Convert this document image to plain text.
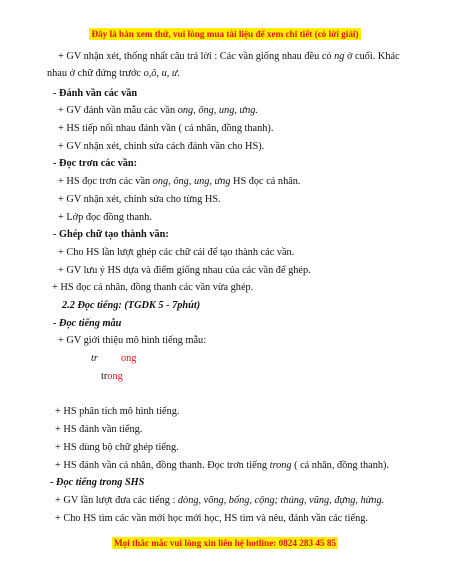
Đây là bản xem thử, vui lòng mua tài liệu để xem chi tiết (có lời giải)
+ GV nhận xét, thống nhất câu trả lời : Các vần giống nhau đều có ng ở cuối. Khác
nhau ở chữ đứng trước o,ô, u, ư.
- Đánh vần các vần
+ GV đánh vần mẫu các vần ong, ông, ung, ưng.
+ HS tiếp nối nhau đánh vần ( cá nhân, đồng thanh).
+ GV nhận xét, chỉnh sửa cách đánh vần cho HS).
- Đọc trơn các vần:
+ HS đọc trơn các vần ong, ông, ung, ưng HS đọc cá nhân.
+ GV nhận xét, chỉnh sửa cho từng HS.
+ Lớp đọc đồng thanh.
- Ghép chữ tạo thành vần:
+ Cho HS lần lượt ghép các chữ cái để tạo thành các vần.
+ GV lưu ý HS dựa và điểm giống nhau của các vần để ghép.
+ HS đọc cá nhân, đồng thanh các vần vừa ghép.
2.2 Đọc tiếng: (TGDK 5 - 7phút)
- Đọc tiếng mẫu
+ GV giới thiệu mô hình tiếng mẫu:
tr ong
trong
+ HS phân tích mô hình tiếng.
+ HS đánh vần tiếng.
+ HS dùng bộ chữ ghép tiếng.
+ HS đánh vần cá nhân, đồng thanh. Đọc trơn tiếng trong ( cá nhân, đồng thanh).
- Đọc tiếng trong SHS
+ GV lần lượt đưa các tiếng : dòng, võng, bống, cộng; thúng, vũng, đựng, hừng.
+ Cho HS tìm các vần mới học mới học, HS tìm và nêu, đánh vần các tiếng.
Mọi thắc mắc vui lòng xin liên hệ hotline: 0824 283 45 85
